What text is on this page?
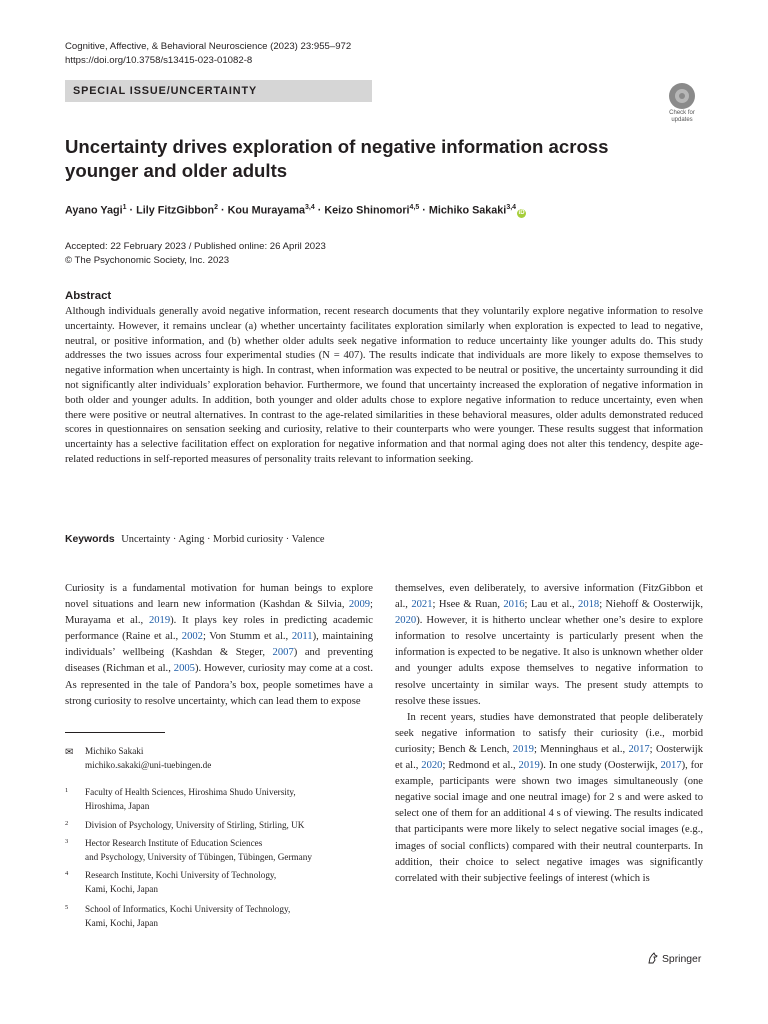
Cognitive, Affective, & Behavioral Neuroscience (2023) 23:955–972
https://doi.org/10.3758/s13415-023-01082-8
SPECIAL ISSUE/UNCERTAINTY
Check for
updates
Uncertainty drives exploration of negative information across younger and older adults
Ayano Yagi$^1$ · Lily FitzGibbon$^2$ · Kou Murayama$^{3,4}$ · Keizo Shinomori$^{4,5}$ · Michiko Sakaki$^{3,4}$iD
Accepted: 22 February 2023 / Published online: 26 April 2023
© The Psychonomic Society, Inc. 2023
Abstract
Although individuals generally avoid negative information, recent research documents that they voluntarily explore negative information to resolve uncertainty. However, it remains unclear (a) whether uncertainty facilitates exploration similarly when exploration is expected to lead to negative, neutral, or positive information, and (b) whether older adults seek negative information to reduce uncertainty like younger adults do. This study addresses the two issues across four experimental studies (N = 407). The results indicate that individuals are more likely to expose themselves to negative information when uncertainty is high. In contrast, when information was expected to be neutral or positive, the uncertainty surrounding it did not significantly alter individuals’ exploration behavior. Furthermore, we found that uncertainty increased the exploration of negative information in both older and younger adults. In addition, both younger and older adults chose to explore negative information to reduce uncertainty, even when there were positive or neutral alternatives. In contrast to the age-related similarities in these behavioral measures, older adults demonstrated reduced scores in questionnaires on sensation seeking and curiosity, relative to their counterparts who were younger. These results suggest that information uncertainty has a selective facilitation effect on exploration for negative information and that normal aging does not alter this tendency, despite age-related reductions in self-reported measures of personality traits relevant to information seeking.
Keywords Uncertainty · Aging · Morbid curiosity · Valence

Curiosity is a fundamental motivation for human beings to explore novel situations and learn new information (Kashdan & Silvia, 2009; Murayama et al., 2019). It plays key roles in predicting academic performance (Raine et al., 2002; Von Stumm et al., 2011), maintaining individuals’ wellbeing (Kashdan & Steger, 2007) and preventing diseases (Richman et al., 2005). However, curiosity may come at a cost. As represented in the tale of Pandora’s box, people sometimes have a strong curiosity to resolve uncertainty, which can lead them to expose

themselves, even deliberately, to aversive information (FitzGibbon et al., 2021; Hsee & Ruan, 2016; Lau et al., 2018; Niehoff & Oosterwijk, 2020). However, it is hitherto unclear whether one’s desire to explore information to resolve uncertainty is particularly present when the information is expected to be negative. It also is unknown whether older and younger adults expose themselves to negative information to resolve uncertainty in similar ways. The present study attempts to resolve these issues.

In recent years, studies have demonstrated that people deliberately seek negative information to satisfy their curiosity (i.e., morbid curiosity; Bench & Lench, 2019; Menninghaus et al., 2017; Oosterwijk et al., 2020; Redmond et al., 2019). In one study (Oosterwijk, 2017), for example, participants were shown two images simultaneously (one negative social image and one neutral image) for 2 s and were asked to select one of them for an additional 4 s of viewing. The results indicated that participants were more likely to select negative social images (e.g., images of social conflicts) compared with their neutral counterparts. In addition, their choice to select negative images was significantly correlated with their subjective feelings of interest (which is

✉ Michiko Sakaki
michiko.sakaki@uni-tuebingen.de
1 Faculty of Health Sciences, Hiroshima Shudo University,
Hiroshima, Japan
2 Division of Psychology, University of Stirling, Stirling, UK
3 Hector Research Institute of Education Sciences
and Psychology, University of Tübingen, Tübingen, Germany
4 Research Institute, Kochi University of Technology,
Kami, Kochi, Japan
5 School of Informatics, Kochi University of Technology,
Kami, Kochi, Japan
Springer
